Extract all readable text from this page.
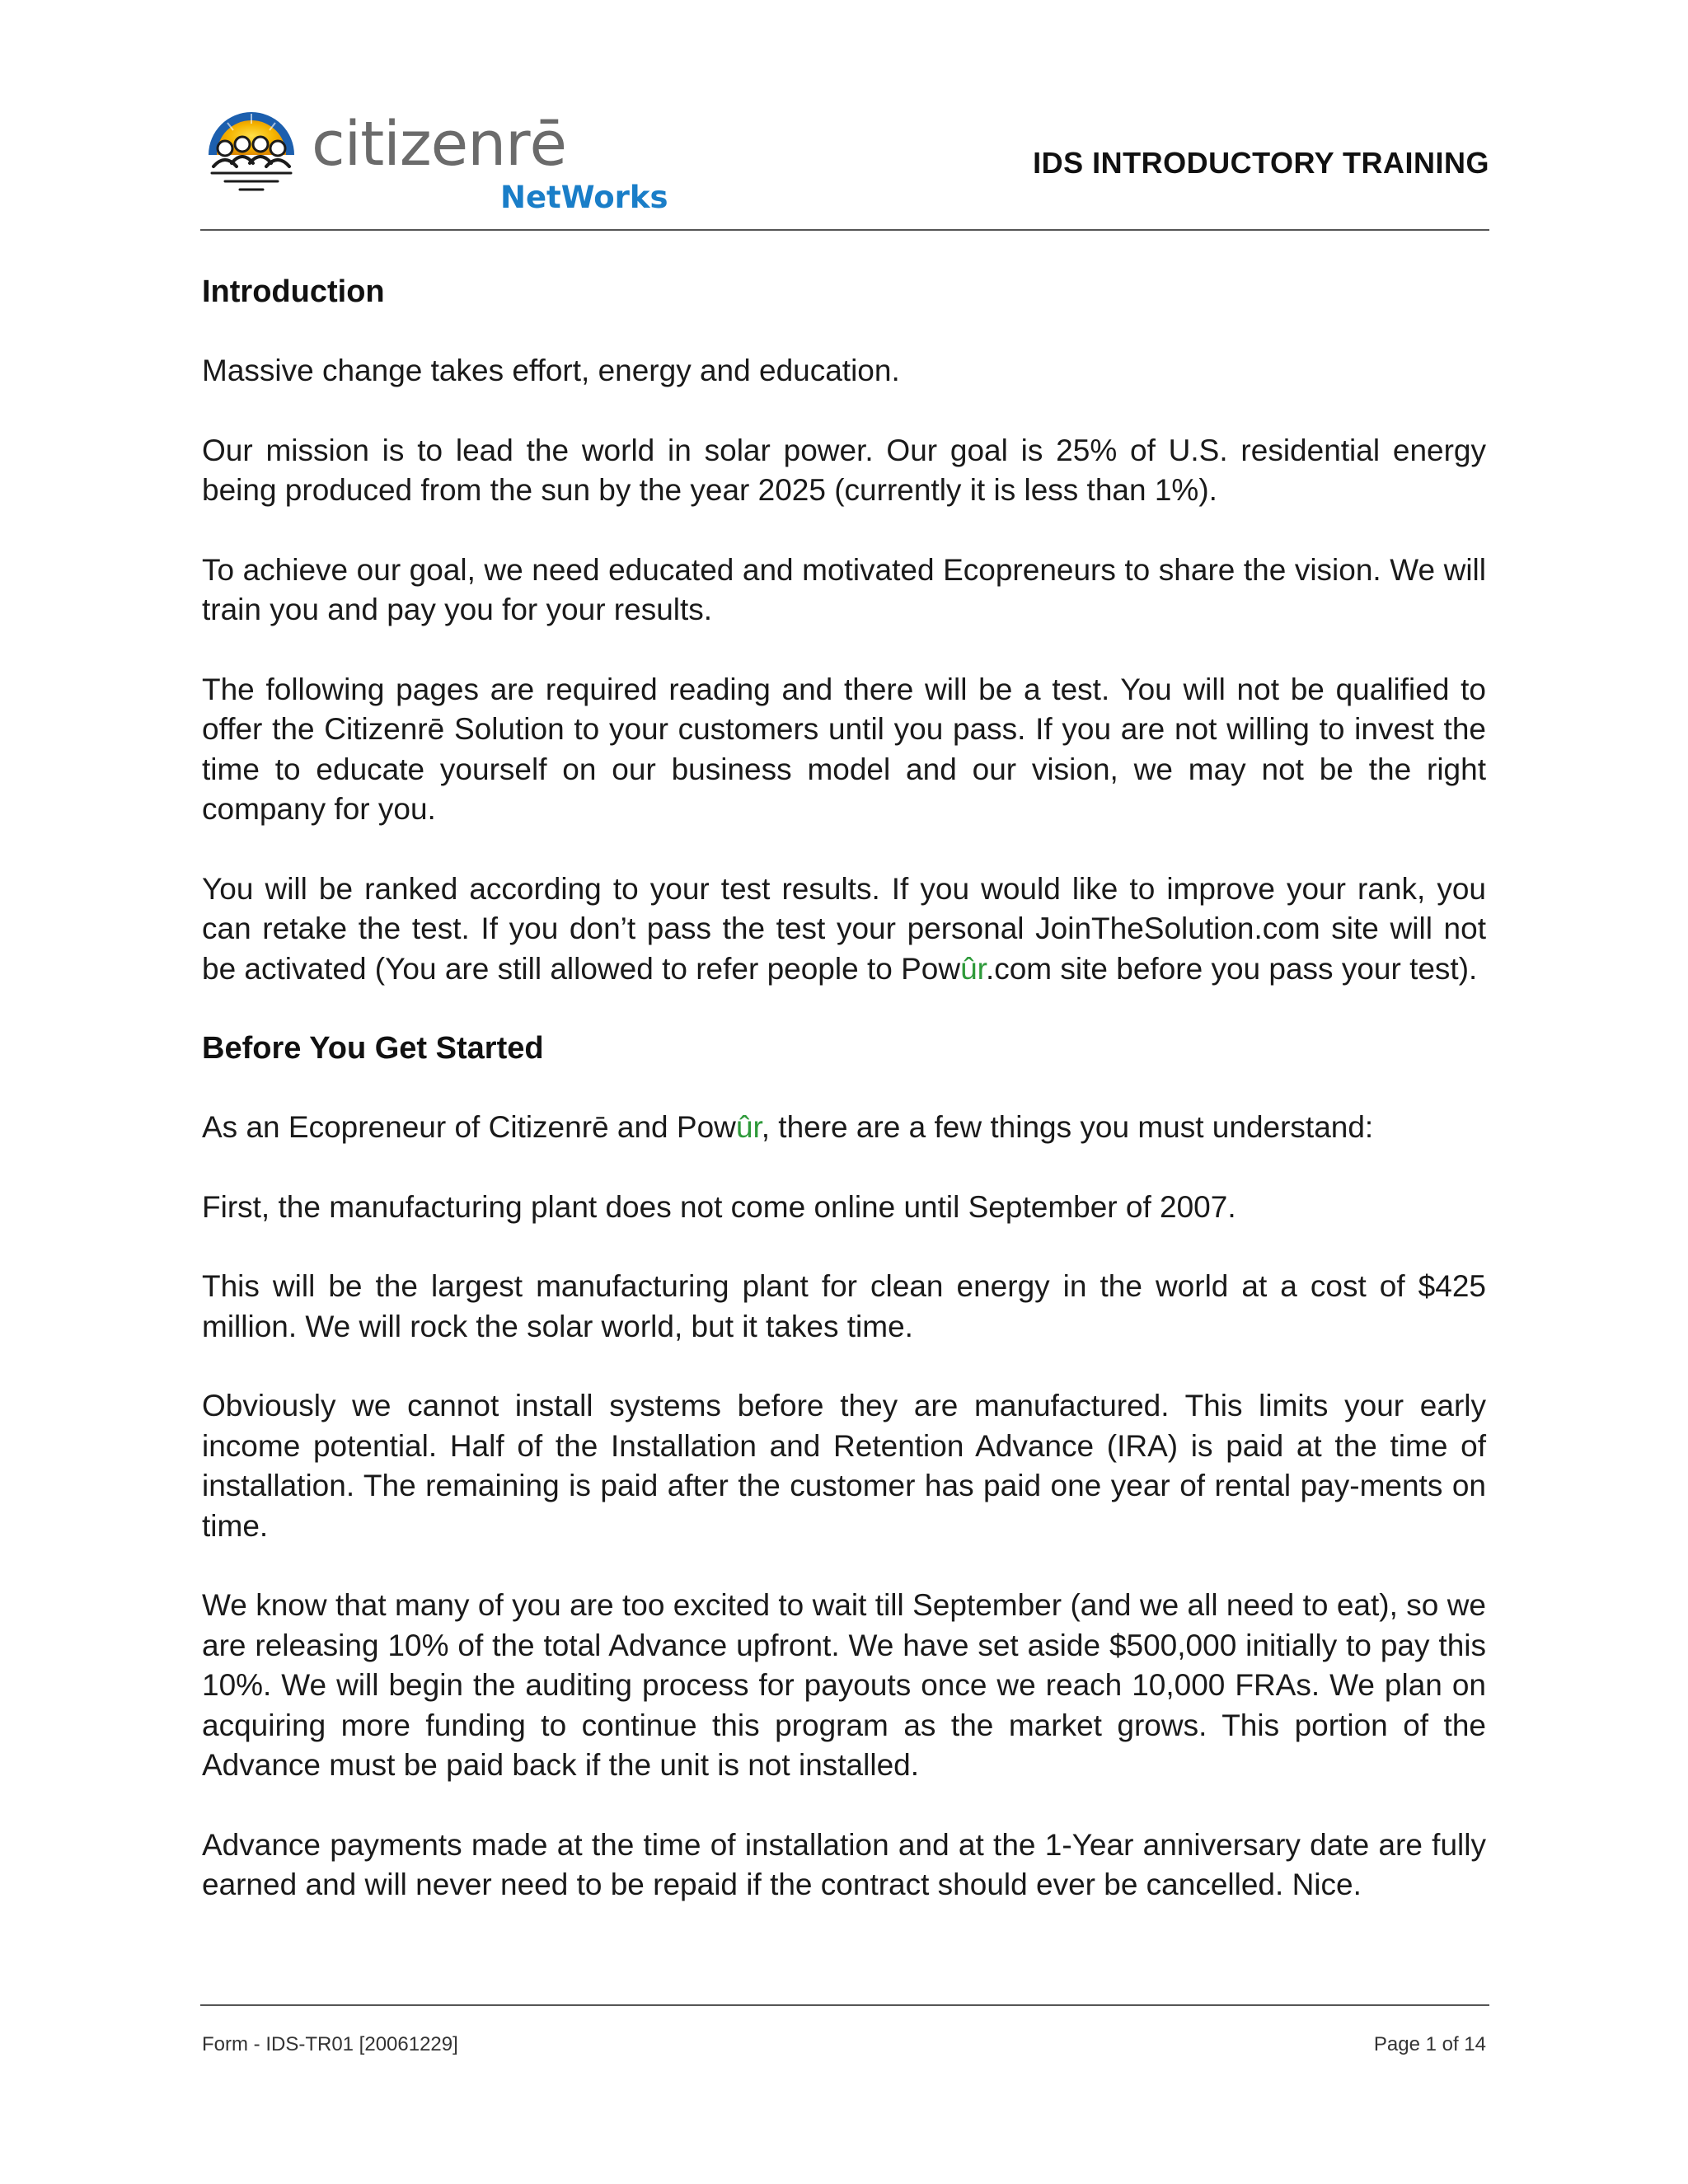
citizenrē
NetWorks
IDS INTRODUCTORY TRAINING
Introduction

Massive change takes effort, energy and education.

Our mission is to lead the world in solar power. Our goal is 25% of U.S. residential energy being produced from the sun by the year 2025 (currently it is less than 1%).

To achieve our goal, we need educated and motivated Ecopreneurs to share the vision. We will train you and pay you for your results.

The following pages are required reading and there will be a test. You will not be qualified to offer the Citizenrē Solution to your customers until you pass. If you are not willing to invest the time to educate yourself on our business model and our vision, we may not be the right company for you.

You will be ranked according to your test results. If you would like to improve your rank, you can retake the test. If you don’t pass the test your personal JoinTheSolution.com site will not be activated (You are still allowed to refer people to Powûr.com site before you pass your test).

Before You Get Started

As an Ecopreneur of Citizenrē and Powûr, there are a few things you must understand:

First, the manufacturing plant does not come online until September of 2007.

This will be the largest manufacturing plant for clean energy in the world at a cost of $425 million. We will rock the solar world, but it takes time.

Obviously we cannot install systems before they are manufactured. This limits your early income potential. Half of the Installation and Retention Advance (IRA) is paid at the time of installation. The remaining is paid after the customer has paid one year of rental pay-ments on time.

We know that many of you are too excited to wait till September (and we all need to eat), so we are releasing 10% of the total Advance upfront. We have set aside $500,000 initially to pay this 10%. We will begin the auditing process for payouts once we reach 10,000 FRAs. We plan on acquiring more funding to continue this program as the market grows. This portion of the Advance must be paid back if the unit is not installed.

Advance payments made at the time of installation and at the 1-Year anniversary date are fully earned and will never need to be repaid if the contract should ever be cancelled. Nice.

Form - IDS-TR01 [20061229]	Page 1 of 14
